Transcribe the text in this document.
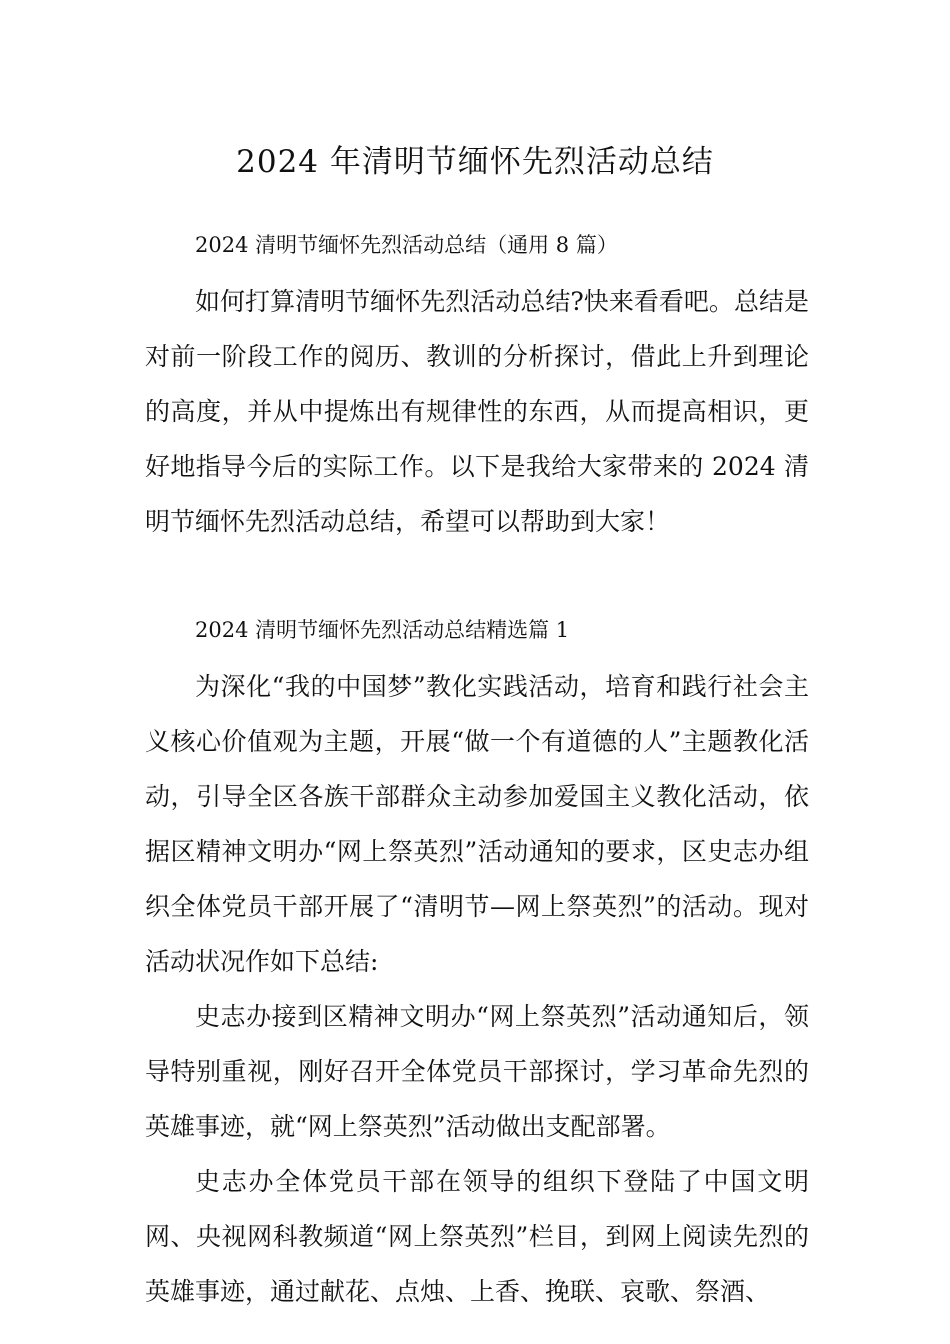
2024 年清明节缅怀先烈活动总结

2024 清明节缅怀先烈活动总结（通用 8 篇）

如何打算清明节缅怀先烈活动总结?快来看看吧。总结是对前一阶段工作的阅历、教训的分析探讨，借此上升到理论的高度，并从中提炼出有规律性的东西，从而提高相识，更好地指导今后的实际工作。以下是我给大家带来的 2024 清明节缅怀先烈活动总结，希望可以帮助到大家！

2024 清明节缅怀先烈活动总结精选篇 1

为深化“我的中国梦”教化实践活动，培育和践行社会主义核心价值观为主题，开展“做一个有道德的人”主题教化活动，引导全区各族干部群众主动参加爱国主义教化活动，依据区精神文明办“网上祭英烈”活动通知的要求，区史志办组织全体党员干部开展了“清明节—网上祭英烈”的活动。现对活动状况作如下总结:

史志办接到区精神文明办“网上祭英烈”活动通知后，领导特别重视，刚好召开全体党员干部探讨，学习革命先烈的英雄事迹，就“网上祭英烈”活动做出支配部署。

史志办全体党员干部在领导的组织下登陆了中国文明网、央视网科教频道“网上祭英烈”栏目，到网上阅读先烈的英雄事迹，通过献花、点烛、上香、挽联、哀歌、祭酒、
